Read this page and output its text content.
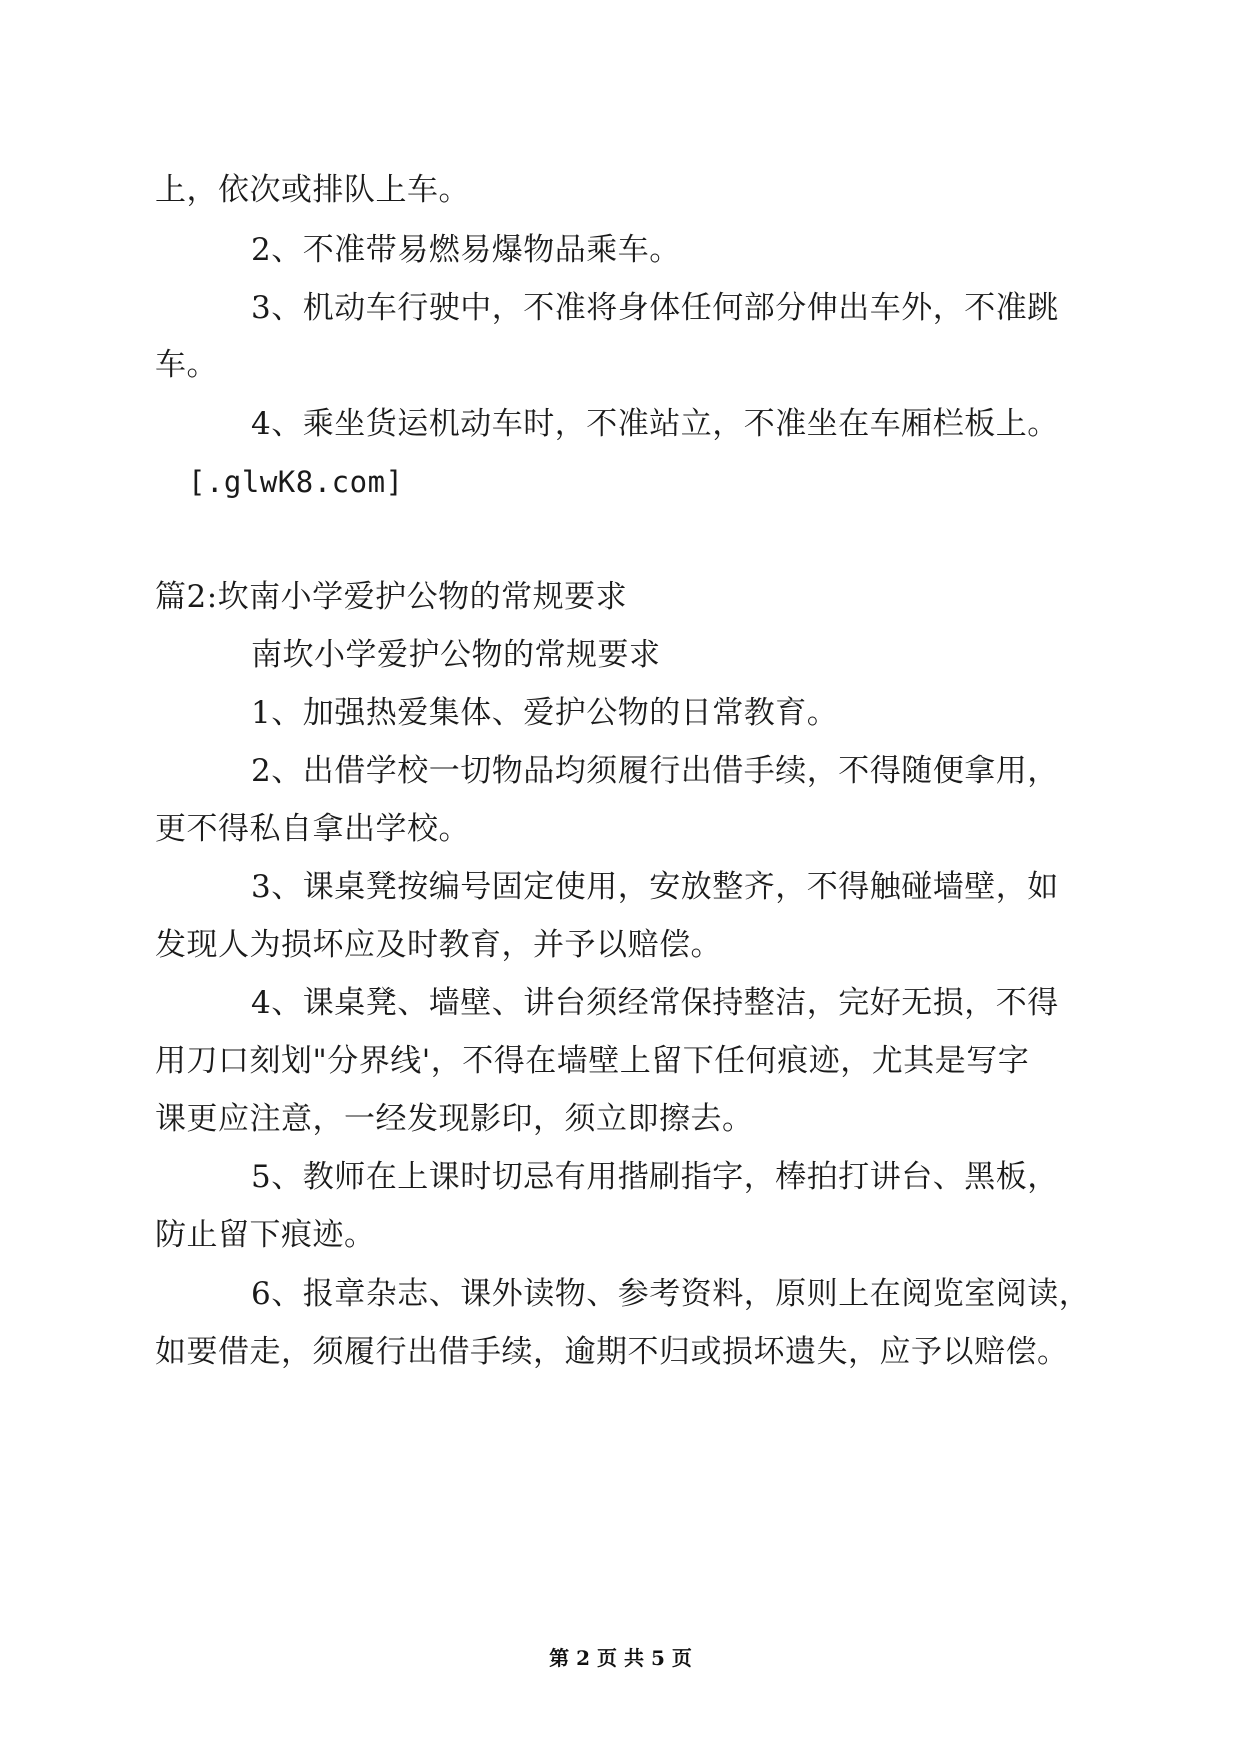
上，依次或排队上车。
2、不准带易燃易爆物品乘车。
3、机动车行驶中，不准将身体任何部分伸出车外，不准跳
车。
4、乘坐货运机动车时，不准站立，不准坐在车厢栏板上。
[.glwK8.com]
篇2:坎南小学爱护公物的常规要求
南坎小学爱护公物的常规要求
1、加强热爱集体、爱护公物的日常教育。
2、出借学校一切物品均须履行出借手续，不得随便拿用，
更不得私自拿出学校。
3、课桌凳按编号固定使用，安放整齐，不得触碰墙壁，如
发现人为损坏应及时教育，并予以赔偿。
4、课桌凳、墙壁、讲台须经常保持整洁，完好无损，不得
用刀口刻划"分界线'，不得在墙壁上留下任何痕迹，尤其是写字
课更应注意，一经发现影印，须立即擦去。
5、教师在上课时切忌有用揩刷指字，棒拍打讲台、黑板，
防止留下痕迹。
6、报章杂志、课外读物、参考资料，原则上在阅览室阅读，
如要借走，须履行出借手续，逾期不归或损坏遗失，应予以赔偿。
第 2 页 共 5 页
